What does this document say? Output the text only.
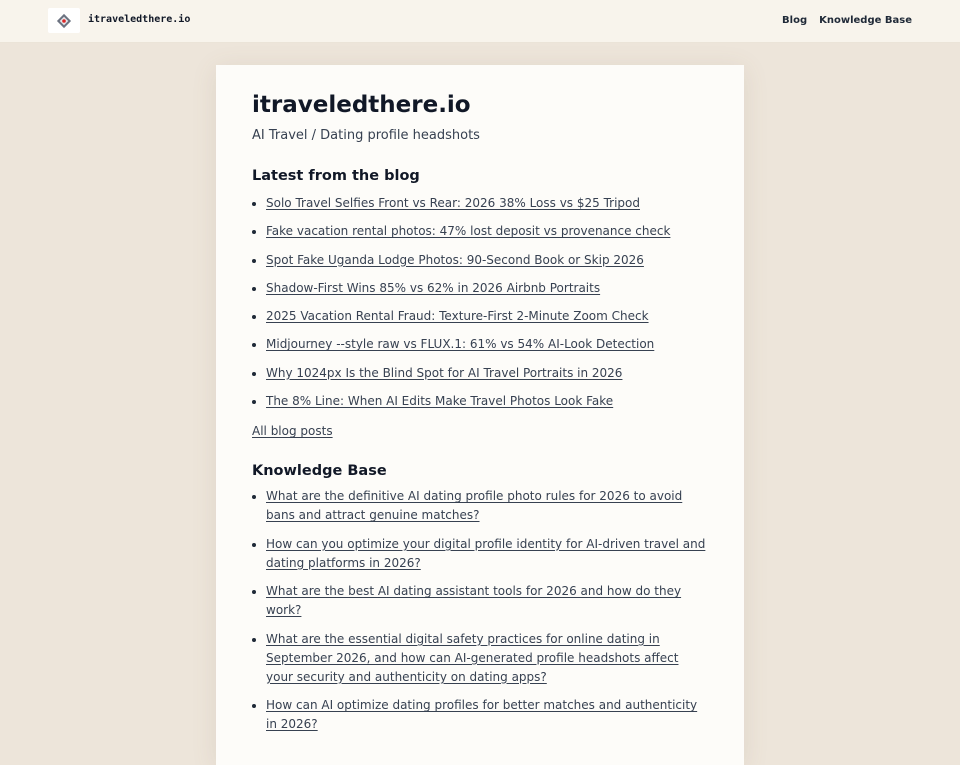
itraveledthere.io	Blog Knowledge Base
itraveledthere.io

AI Travel / Dating profile headshots

Latest from the blog
• Solo Travel Selfies Front vs Rear: 2026 38% Loss vs $25 Tripod
• Fake vacation rental photos: 47% lost deposit vs provenance check
• Spot Fake Uganda Lodge Photos: 90-Second Book or Skip 2026
• Shadow-First Wins 85% vs 62% in 2026 Airbnb Portraits
• 2025 Vacation Rental Fraud: Texture-First 2-Minute Zoom Check
• Midjourney --style raw vs FLUX.1: 61% vs 54% AI-Look Detection
• Why 1024px Is the Blind Spot for AI Travel Portraits in 2026
• The 8% Line: When AI Edits Make Travel Photos Look Fake
All blog posts
Knowledge Base
• What are the definitive AI dating profile photo rules for 2026 to avoid bans and attract genuine matches?
• How can you optimize your digital profile identity for AI-driven travel and dating platforms in 2026?
• What are the best AI dating assistant tools for 2026 and how do they work?
• What are the essential digital safety practices for online dating in September 2026, and how can AI-generated profile headshots affect your security and authenticity on dating apps?
• How can AI optimize dating profiles for better matches and authenticity in 2026?
